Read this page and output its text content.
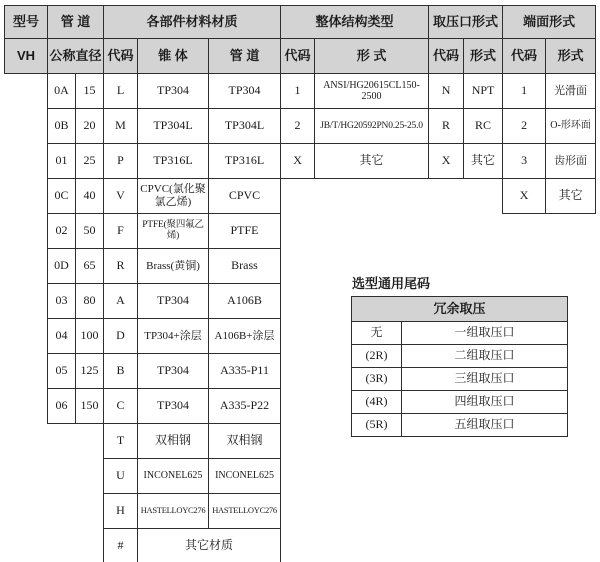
型号	管 道		各部件材料材质			整体结构类型		取压口形式		端面形式	
VH	公称直径		代码	锥 体	管 道	代码	形 式	代码	形式	代码	形式
	0A	15	L	TP304	TP304	1	ANSI/HG20615CL150-2500	N	NPT	1	光滑面
	0B	20	M	TP304L	TP304L	2	JB/T/HG20592PN0.25-25.0	R	RC	2	O-形环面
	01	25	P	TP316L	TP316L	X	其它	X	其它	3	齿形面
	0C	40	V	CPVC(氯化聚氯乙烯)	CPVC					X	其它
	02	50	F	PTFE(聚四氟乙烯)	PTFE						
	0D	65	R	Brass(黄铜)	Brass						
	03	80	A	TP304	A106B						
	04	100	D	TP304+涂层	A106B+涂层						
	05	125	B	TP304	A335-P11						
	06	150	C	TP304	A335-P22						
			T	双相钢	双相钢						
			U	INCONEL625	INCONEL625						
			H	HASTELLOYC276	HASTELLOYC276						
			#	其它材质							
选型通用尾码
冗余取压	
无	一组取压口
(2R)	二组取压口
(3R)	三组取压口
(4R)	四组取压口
(5R)	五组取压口
